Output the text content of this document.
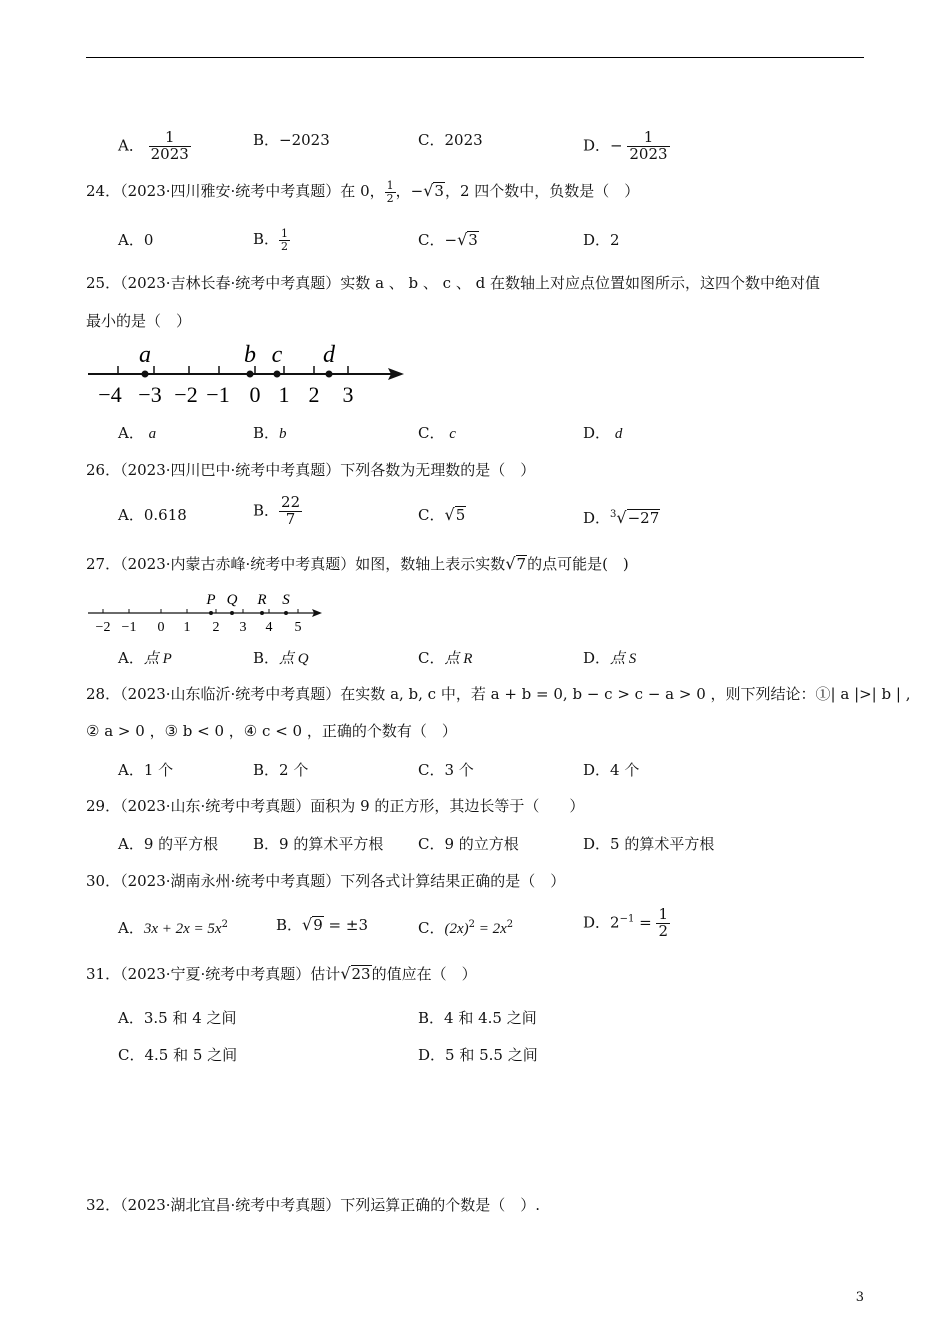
A． $\frac{1}{2023}$	B．−2023	C．2023	D．− $\frac{1}{2023}$
24．（2023·四川雅安·统考中考真题）在 0， $\frac{1}{2}$ ，−√3，2 四个数中，负数是（　）
A．0	B． $\frac{1}{2}$	C．−√3	D．2
25．（2023·吉林长春·统考中考真题）实数 a 、 b 、 c 、 d 在数轴上对应点位置如图所示，这四个数中绝对值
最小的是（　）
−4 −3 −2 −1 0 1 2 3
a	b c d
A． a	B．b	C． c	D． d
26．（2023·四川巴中·统考中考真题）下列各数为无理数的是（　）
A．0.618	B． $\frac{22}{7}$	C．√5	D．$^3$√−27
27．（2023·内蒙古赤峰·统考中考真题）如图，数轴上表示实数√7的点可能是(　)
−2 −1 0 1 2 3 4 5
P Q R S
A．点 P	B．点 Q	C．点 R	D．点 S
28．（2023·山东临沂·统考中考真题）在实数 a, b, c 中，若 a + b = 0, b − c > c − a > 0 ，则下列结论：①| a |>| b | ,
② a > 0 ，③ b < 0 ，④ c < 0 ，正确的个数有（　）
A．1 个	B．2 个	C．3 个	D．4 个
29．（2023·山东·统考中考真题）面积为 9 的正方形，其边长等于（　　）
A．9 的平方根 B．9 的算术平方根 C．9 的立方根	D．5 的算术平方根
30．（2023·湖南永州·统考中考真题）下列各式计算结果正确的是（　）
A．$3x + 2x = 5x^2$	B．√9 = ±3	C．$(2x)^2 = 2x^2$	D．$2^{-1} = \frac{1}{2}$
31．（2023·宁夏·统考中考真题）估计√23的值应在（　）
A．3.5 和 4 之间	B．4 和 4.5 之间
C．4.5 和 5 之间	D．5 和 5.5 之间
32．（2023·湖北宜昌·统考中考真题）下列运算正确的个数是（　）.
3
